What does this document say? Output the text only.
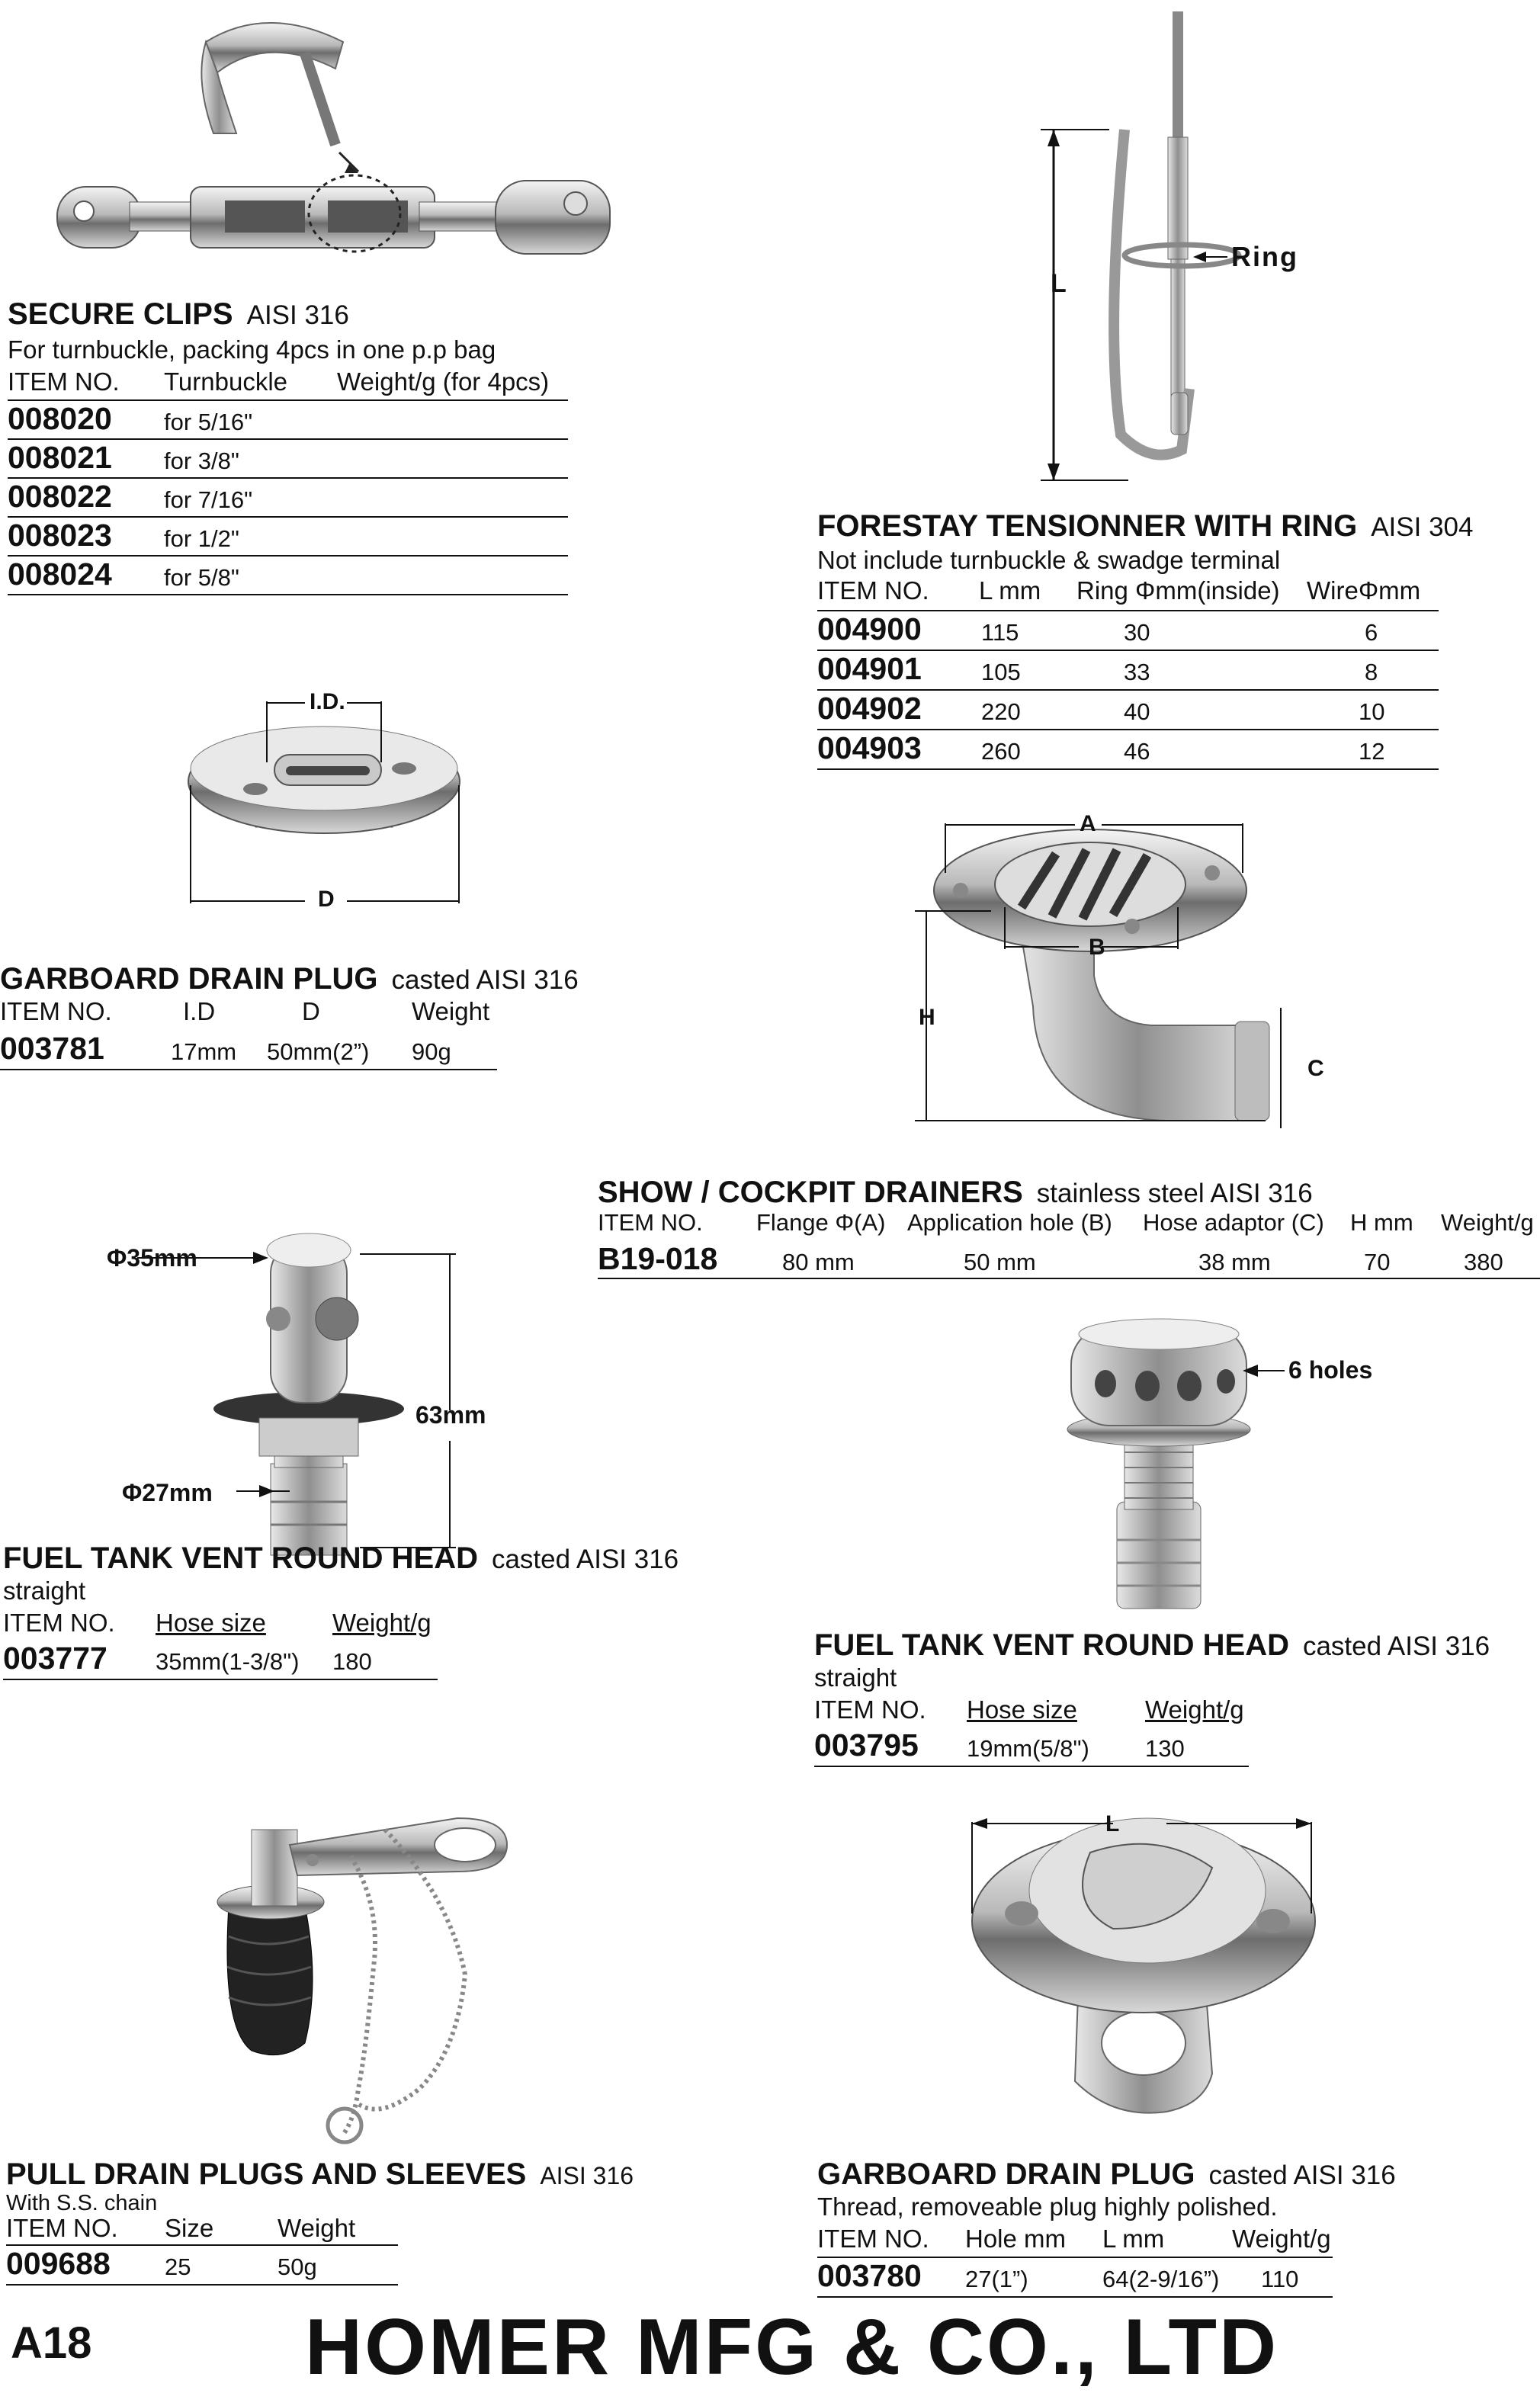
L
Ring
I.D.
D
A
B
H
C
Φ35mm
63mm
Φ27mm
6 holes
L
SECURE CLIPS AISI 316
For turnbuckle, packing 4pcs in one p.p bag
ITEM NO. Turnbuckle Weight/g (for 4pcs)
008020 for 5/16"
008021 for 3/8"
008022 for 7/16"
008023 for 1/2"
008024 for 5/8"
FORESTAY TENSIONNER WITH RING AISI 304
Not include turnbuckle & swadge terminal
ITEM NO. L mm Ring Φmm(inside) WireΦmm
004900	115	30	6
004901	105	33	8
004902	220	40	10
004903	260	46	12
GARBOARD DRAIN PLUG casted AISI 316
ITEM NO.	I.D	D	Weight
003781	17mm 50mm(2”) 90g
SHOW / COCKPIT DRAINERS stainless steel AISI 316
ITEM NO. Flange Φ(A) Application hole (B) Hose adaptor (C) H mm Weight/g
B19-018	80 mm	50 mm	38 mm	70	380
FUEL TANK VENT ROUND HEAD casted AISI 316
straight
ITEM NO. Hose size	Weight/g
003777 35mm(1-3/8") 180	FUEL TANK VENT ROUND HEAD casted AISI 316
straight
ITEM NO. Hose size	Weight/g
003795 19mm(5/8") 130
PULL DRAIN PLUGS AND SLEEVES AISI 316
With S.S. chain
ITEM NO. Size	Weight
009688 25	50g
GARBOARD DRAIN PLUG casted AISI 316
Thread, removeable plug highly polished.
ITEM NO. Hole mm L mm	Weight/g
003780 27(1”)	64(2-9/16”) 110
A18	HOMER MFG & CO., LTD
